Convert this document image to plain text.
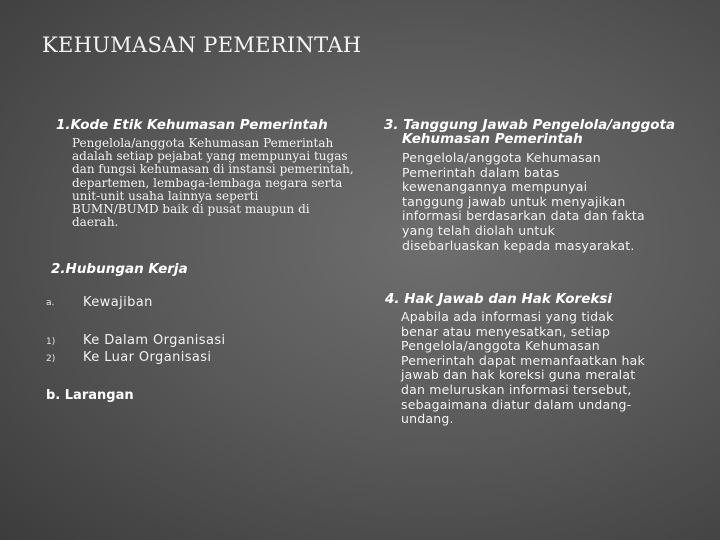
KEHUMASAN PEMERINTAH
1.Kode Etik Kehumasan Pemerintah
Pengelola/anggota Kehumasan Pemerintah
adalah setiap pejabat yang mempunyai tugas
dan fungsi kehumasan di instansi pemerintah,
departemen, lembaga-lembaga negara serta
unit-unit usaha lainnya seperti
BUMN/BUMD baik di pusat maupun di
daerah.
2.Hubungan Kerja
a. Kewajiban
1) Ke Dalam Organisasi
2) Ke Luar Organisasi
b. Larangan
3. Tanggung Jawab Pengelola/anggota
Kehumasan Pemerintah
Pengelola/anggota Kehumasan
Pemerintah dalam batas
kewenangannya mempunyai
tanggung jawab untuk menyajikan
informasi berdasarkan data dan fakta
yang telah diolah untuk
disebarluaskan kepada masyarakat.
4. Hak Jawab dan Hak Koreksi
Apabila ada informasi yang tidak
benar atau menyesatkan, setiap
Pengelola/anggota Kehumasan
Pemerintah dapat memanfaatkan hak
jawab dan hak koreksi guna meralat
dan meluruskan informasi tersebut,
sebagaimana diatur dalam undang-
undang.
